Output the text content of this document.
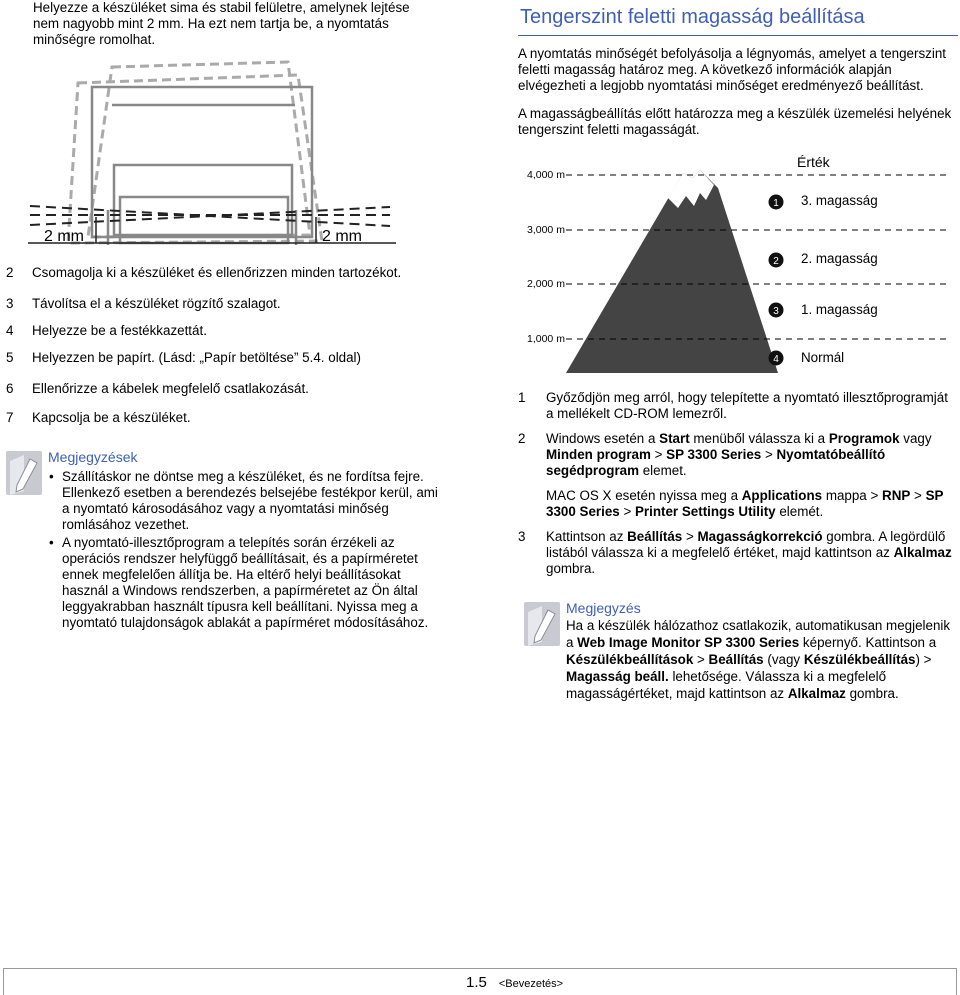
Helyezze a készüléket sima és stabil felületre, amelynek lejtése nem nagyobb mint 2 mm. Ha ezt nem tartja be, a nyomtatás minőségre romolhat.

2 mm	2 mm
2 Csomagolja ki a készüléket és ellenőrizzen minden tartozékot.
3 Távolítsa el a készüléket rögzítő szalagot.
4 Helyezze be a festékkazettát.
5 Helyezzen be papírt. (Lásd: „Papír betöltése” 5.4. oldal)
6 Ellenőrizze a kábelek megfelelő csatlakozását.
7 Kapcsolja be a készüléket.
Megjegyzések
• Szállításkor ne döntse meg a készüléket, és ne fordítsa fejre. Ellenkező esetben a berendezés belsejébe festékpor kerül, ami a nyomtató károsodásához vagy a nyomtatási minőség romlásához vezethet.
• A nyomtató-illesztőprogram a telepítés során érzékeli az operációs rendszer helyfüggő beállításait, és a papírméretet ennek megfelelően állítja be. Ha eltérő helyi beállításokat használ a Windows rendszerben, a papírméretet az Ön által leggyakrabban használt típusra kell beállítani. Nyissa meg a nyomtató tulajdonságok ablakát a papírméret módosításához.
Tengerszint feletti magasság beállítása

A nyomtatás minőségét befolyásolja a légnyomás, amelyet a tengerszint feletti magasság határoz meg. A következő információk alapján elvégezheti a legjobb nyomtatási minőséget eredményező beállítást.

A magasságbeállítás előtt határozza meg a készülék üzemelési helyének tengerszint feletti magasságát.

Érték
4,000 m
3,000 m
2,000 m
1,000 m
1 3. magasság
2 2. magasság
3 1. magasság
4 Normál
1 Győződjön meg arról, hogy telepítette a nyomtató illesztőprogramját a mellékelt CD-ROM lemezről.
2 Windows esetén a Start menüből válassza ki a Programok vagy Minden program > SP 3300 Series > Nyomtatóbeállító segédprogram elemet.
MAC OS X esetén nyissa meg a Applications mappa > RNP > SP 3300 Series > Printer Settings Utility elemét.
3 Kattintson az Beállítás > Magasságkorrekció gombra. A legördülő listából válassza ki a megfelelő értéket, majd kattintson az Alkalmaz gombra.
Megjegyzés
Ha a készülék hálózathoz csatlakozik, automatikusan megjelenik a Web Image Monitor SP 3300 Series képernyő. Kattintson a Készülékbeállítások > Beállítás (vagy Készülékbeállítás) > Magasság beáll. lehetősége. Válassza ki a megfelelő magasságértéket, majd kattintson az Alkalmaz gombra.
1.5 <Bevezetés>
